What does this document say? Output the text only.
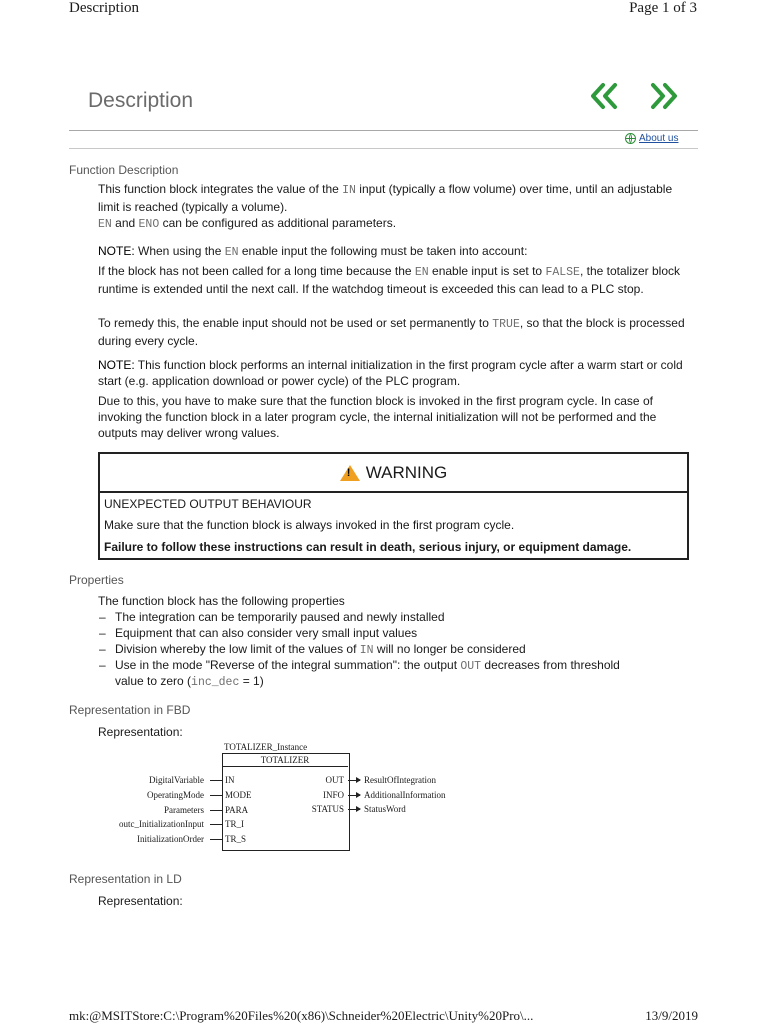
Description	Page 1 of 3
Description
About us
Function Description
This function block integrates the value of the IN input (typically a flow volume) over time, until an adjustable limit is reached (typically a volume).
EN and ENO can be configured as additional parameters.
NOTE: When using the EN enable input the following must be taken into account:
If the block has not been called for a long time because the EN enable input is set to FALSE, the totalizer block runtime is extended until the next call. If the watchdog timeout is exceeded this can lead to a PLC stop.
To remedy this, the enable input should not be used or set permanently to TRUE, so that the block is processed during every cycle.
NOTE: This function block performs an internal initialization in the first program cycle after a warm start or cold start (e.g. application download or power cycle) of the PLC program.
Due to this, you have to make sure that the function block is invoked in the first program cycle. In case of invoking the function block in a later program cycle, the internal initialization will not be performed and the outputs may deliver wrong values.
! WARNING
UNEXPECTED OUTPUT BEHAVIOUR
Make sure that the function block is always invoked in the first program cycle.
Failure to follow these instructions can result in death, serious injury, or equipment damage.
Properties
The function block has the following properties
– The integration can be temporarily paused and newly installed
– Equipment that can also consider very small input values
– Division whereby the low limit of the values of IN will no longer be considered
– Use in the mode "Reverse of the integral summation": the output OUT decreases from threshold
value to zero (inc_dec = 1)
Representation in FBD
Representation:
TOTALIZER_Instance
TOTALIZER
DigitalVariable IN
OperatingMode MODE
Parameters PARA
outc_InitializationInput TR_I
InitializationOrder TR_S
OUT ResultOfIntegration
INFO AdditionalInformation
STATUS StatusWord
Representation in LD
Representation:
mk:@MSITStore:C:\Program%20Files%20(x86)\Schneider%20Electric\Unity%20Pro\...	13/9/2019
